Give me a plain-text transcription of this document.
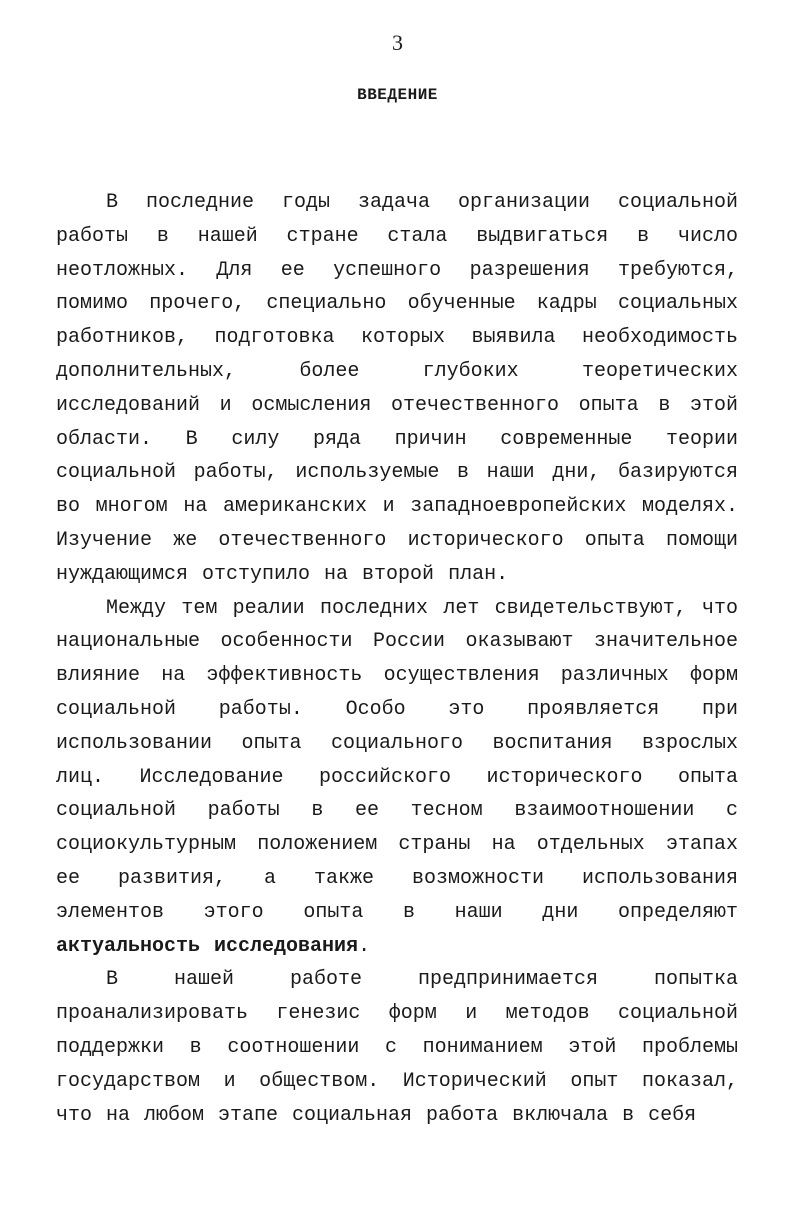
3
ВВЕДЕНИЕ

В последние годы задача организации социальной работы в нашей стране стала выдвигаться в число неотложных. Для ее успешного разрешения требуются, помимо прочего, специально обученные кадры социальных работников, подготовка которых выявила необходимость дополнительных, более глубоких теоретических исследований и осмысления отечественного опыта в этой области. В силу ряда причин современные теории социальной работы, используемые в наши дни, базируются во многом на американских и западноевропейских моделях. Изучение же отечественного исторического опыта помощи нуждающимся отступило на второй план.

Между тем реалии последних лет свидетельствуют, что национальные особенности России оказывают значительное влияние на эффективность осуществления различных форм социальной работы. Особо это проявляется при использовании опыта социального воспитания взрослых лиц. Исследование российского исторического опыта социальной работы в ее тесном взаимоотношении с социокультурным положением страны на отдельных этапах ее развития, а также возможности использования элементов этого опыта в наши дни определяют актуальность исследования.

В нашей работе предпринимается попытка проанализировать генезис форм и методов социальной поддержки в соотношении с пониманием этой проблемы государством и обществом. Исторический опыт показал, что на любом этапе социальная работа включала в себя
